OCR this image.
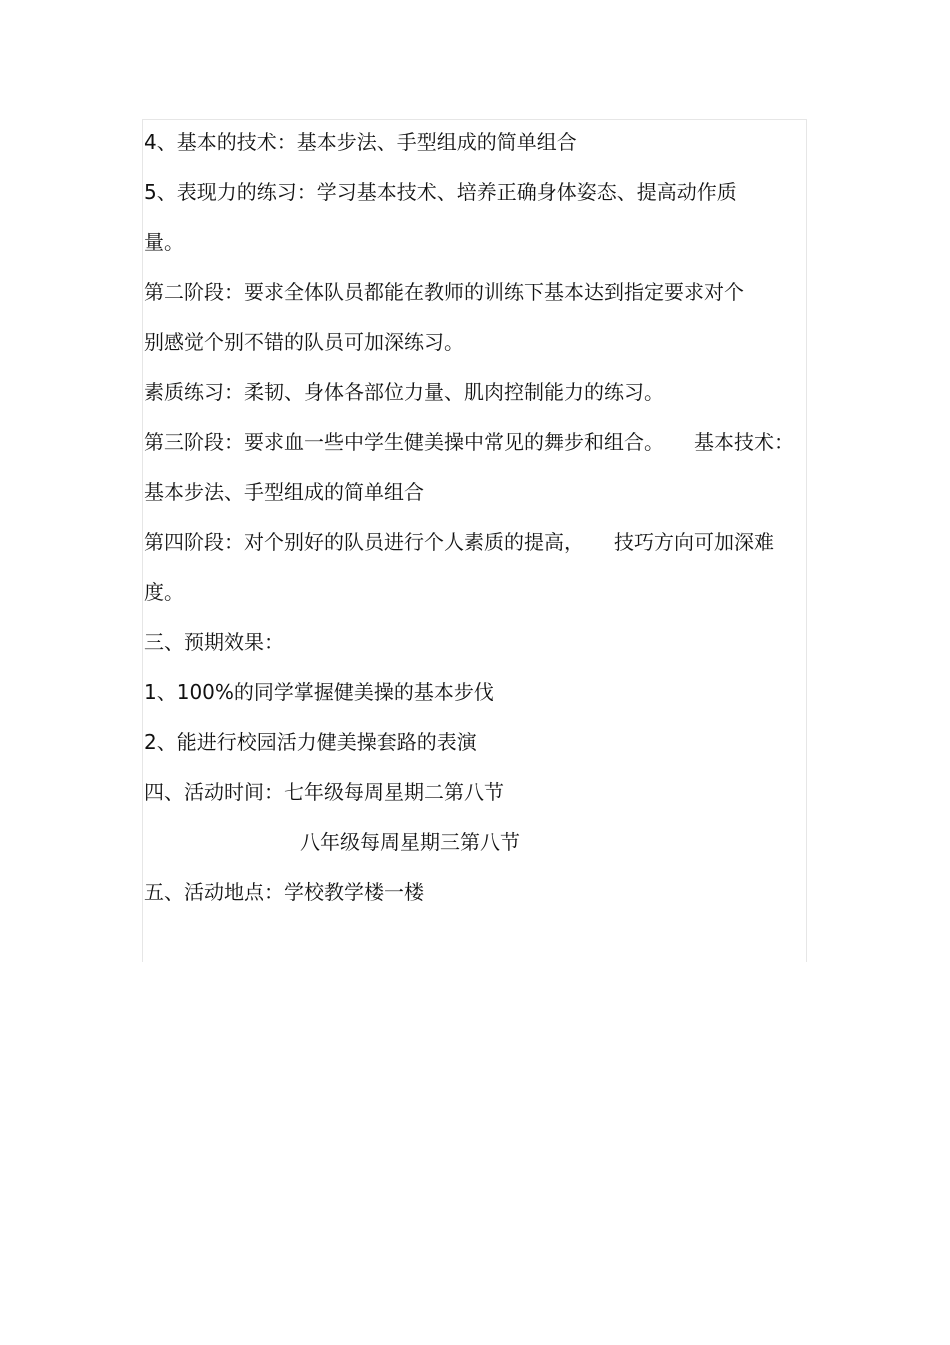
4、基本的技术：基本步法、手型组成的简单组合
5、表现力的练习：学习基本技术、培养正确身体姿态、提高动作质
量。
第二阶段：要求全体队员都能在教师的训练下基本达到指定要求对个
别感觉个别不错的队员可加深练习。
素质练习：柔韧、身体各部位力量、肌肉控制能力的练习。
第三阶段：要求血一些中学生健美操中常见的舞步和组合。 基本技术：
基本步法、手型组成的简单组合
第四阶段：对个别好的队员进行个人素质的提高， 技巧方向可加深难
度。
三、预期效果：
1、100%的同学掌握健美操的基本步伐
2、能进行校园活力健美操套路的表演
四、活动时间：七年级每周星期二第八节
八年级每周星期三第八节
五、活动地点：学校教学楼一楼
